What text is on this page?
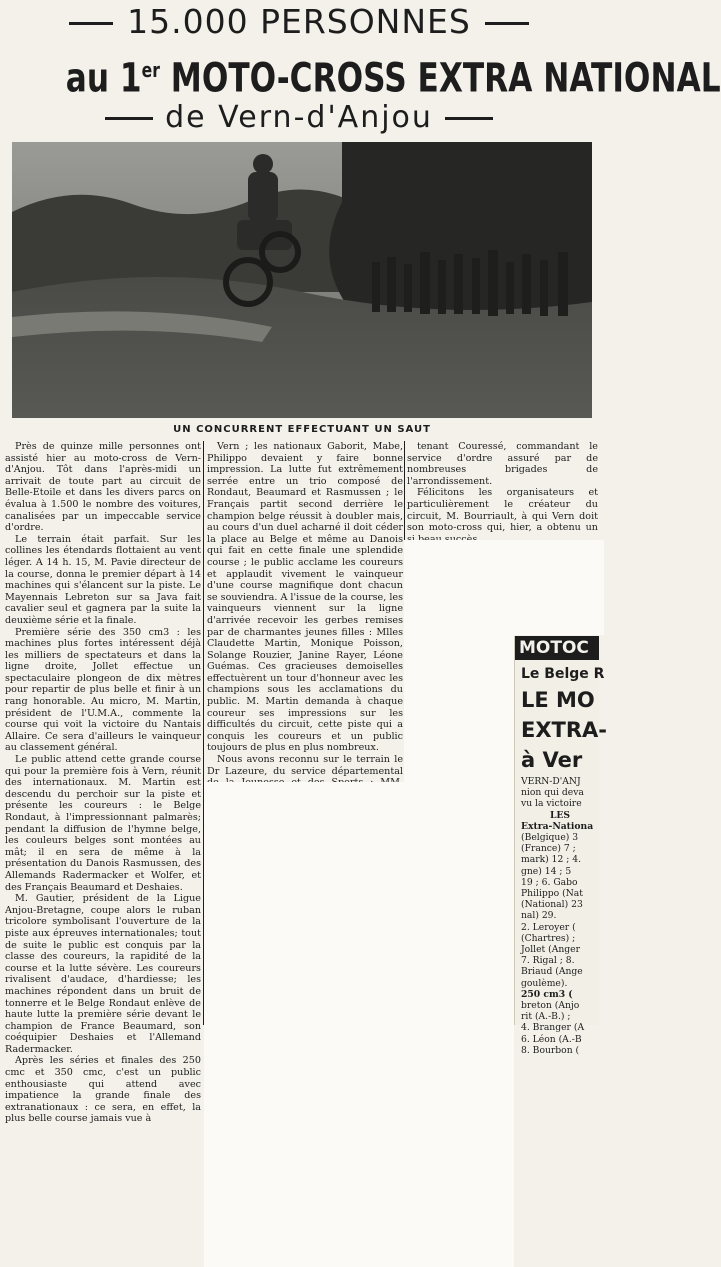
15.000 PERSONNES
au 1er MOTO-CROSS EXTRA NATIONAL
de Vern-d'Anjou
UN CONCURRENT EFFECTUANT UN SAUT

Près de quinze mille personnes ont assisté hier au moto-cross de Vern-d'Anjou. Tôt dans l'après-midi un arrivait de toute part au circuit de Belle-Etoile et dans les divers parcs on évalua à 1.500 le nombre des voitures, canalisées par un impeccable service d'ordre.

Le terrain était parfait. Sur les collines les étendards flottaient au vent léger. A 14 h. 15, M. Pavie directeur de la course, donna le premier départ à 14 machines qui s'élancent sur la piste. Le Mayennais Lebreton sur sa Java fait cavalier seul et gagnera par la suite la deuxième série et la finale.

Première série des 350 cm3 : les machines plus fortes intéressent déjà les milliers de spectateurs et dans la ligne droite, Jollet effectue un spectaculaire plongeon de dix mètres pour repartir de plus belle et finir à un rang honorable. Au micro, M. Martin, président de l'U.M.A., commente la course qui voit la victoire du Nantais Allaire. Ce sera d'ailleurs le vainqueur au classement général.

Le public attend cette grande course qui pour la première fois à Vern, réunit des internationaux. M. Martin est descendu du perchoir sur la piste et présente les coureurs : le Belge Rondaut, à l'impressionnant palmarès; pendant la diffusion de l'hymne belge, les couleurs belges sont montées au mât; il en sera de même à la présentation du Danois Rasmussen, des Allemands Radermacker et Wolfer, et des Français Beaumard et Deshaies.

M. Gautier, président de la Ligue Anjou-Bretagne, coupe alors le ruban tricolore symbolisant l'ouverture de la piste aux épreuves internationales; tout de suite le public est conquis par la classe des coureurs, la rapidité de la course et la lutte sévère. Les coureurs rivalisent d'audace, d'hardiesse; les machines répondent dans un bruit de tonnerre et le Belge Rondaut enlève de haute lutte la première série devant le champion de France Beaumard, son coéquipier Deshaies et l'Allemand Radermacker.

Après les séries et finales des 250 cmc et 350 cmc, c'est un public enthousiaste qui attend avec impatience la grande finale des extranationaux : ce sera, en effet, la plus belle course jamais vue à

Vern ; les nationaux Gaborit, Mabe, Philippo devaient y faire bonne impression. La lutte fut extrêmement serrée entre un trio composé de Rondaut, Beaumard et Rasmussen ; le Français partit second derrière le champion belge réussit à doubler mais, au cours d'un duel acharné il doit céder la place au Belge et même au Danois qui fait en cette finale une splendide course ; le public acclame les coureurs et applaudit vivement le vainqueur d'une course magnifique dont chacun se souviendra. A l'issue de la course, les vainqueurs viennent sur la ligne d'arrivée recevoir les gerbes remises par de charmantes jeunes filles : Mlles Claudette Martin, Monique Poisson, Solange Rouzier, Janine Rayer, Léone Guémas. Ces gracieuses demoiselles effectuèrent un tour d'honneur avec les champions sous les acclamations du public. M. Martin demanda à chaque coureur ses impressions sur les difficultés du circuit, cette piste qui a conquis les coureurs et un public toujours de plus en plus nombreux.

Nous avons reconnu sur le terrain le Dr Lazeure, du service départemental

tenant Couressé, commandant le service d'ordre assuré par de nombreuses brigades de l'arrondissement.

Félicitons les organisateurs et particulièrement le créateur du circuit, M. Bourriault, à qui Vern doit son moto-cross qui, hier, a obtenu un

MOTOC
Le Belge R
LE MO
EXTRA-
à Ver
VERN-D'ANJ
nion qui deva
vu la victoire
LES
Extra-Nationa
(Belgique) 3
(France) 7 ;
mark) 12 ; 4.
gne) 14 ; 5
19 ; 6. Gabo
Philippo (Nat
(National) 23
nal) 29.
2. Leroyer (
(Chartres) ;
Jollet (Anger
7. Rigal ; 8.
Briaud (Ange
goulème).
250 cm3 (
breton (Anjo
rit (A.-B.) ;
4. Branger (A
6. Léon (A.-B
8. Bourbon (
